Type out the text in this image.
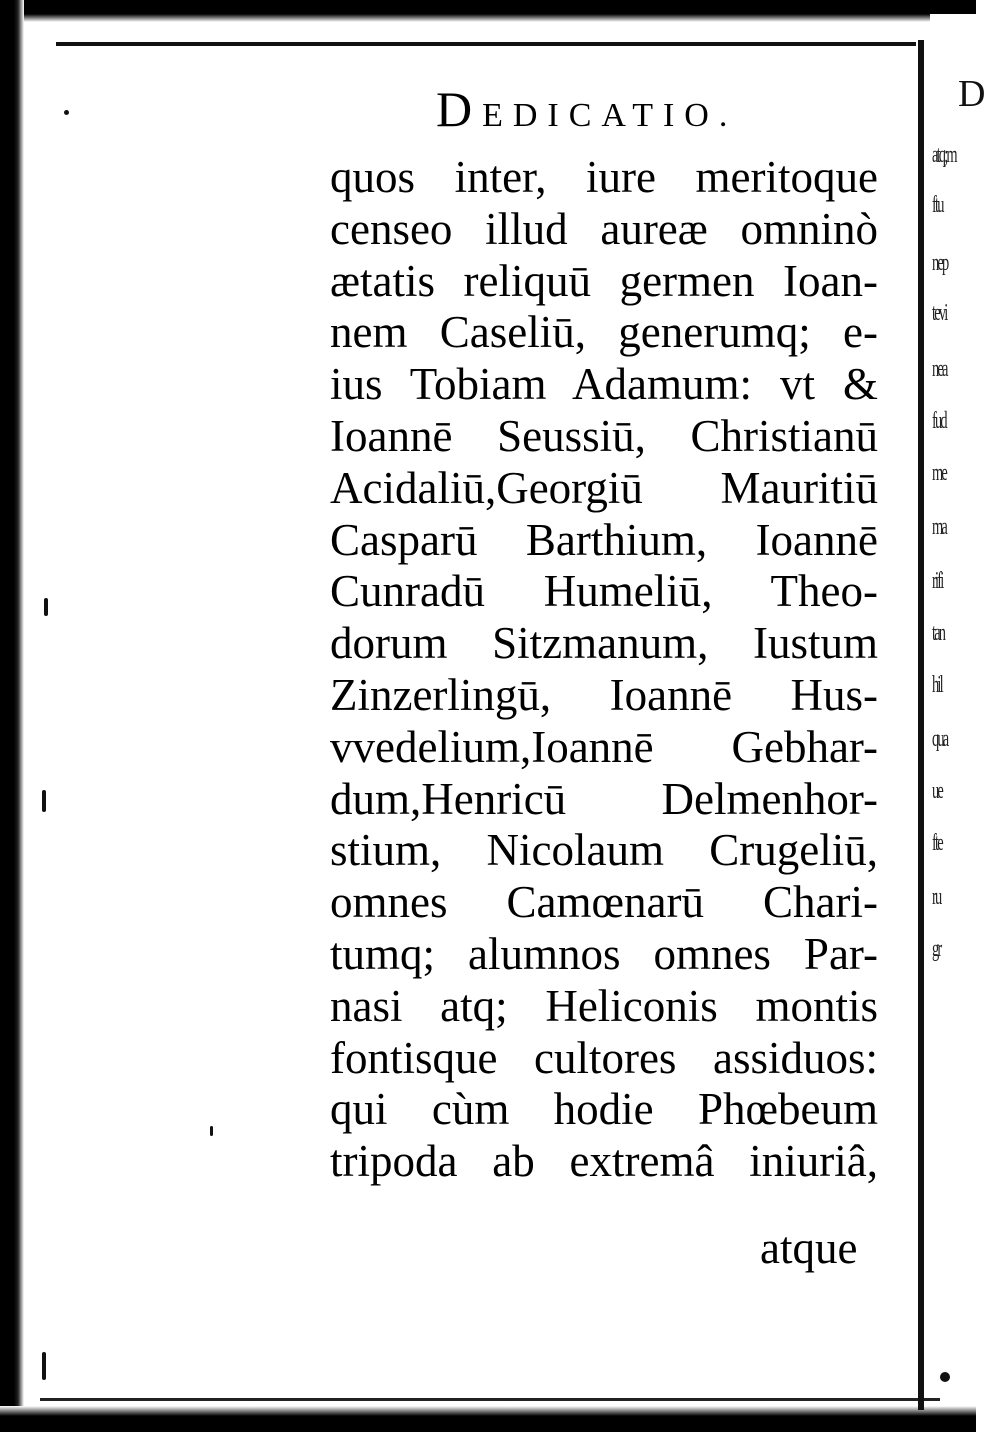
D
atq;m
ftu
nep
tevi
nea
fud
me
ma
rifi
tan
hil
qua
ue
fte
ru
gr
DEDICATIO.
quos inter, iure meritoque
censeo illud aureæ omninò
ætatis reliquū germen Ioan-
nem Caseliū, generumq; e-
ius Tobiam Adamum: vt &
Ioannē Seussiū, Christianū
Acidaliū,Georgiū Mauritiū
Casparū Barthium, Ioannē
Cunradū Humeliū, Theo-
dorum Sitzmanum, Iustum
Zinzerlingū, Ioannē Hus-
vvedelium,Ioannē Gebhar-
dum,Henricū Delmenhor-
stium, Nicolaum Crugeliū,
omnes Camœnarū Chari-
tumq; alumnos omnes Par-
nasi atq; Heliconis montis
fontisque cultores assiduos:
qui cùm hodie Phœbeum
tripoda ab extremâ iniuriâ,
atque
